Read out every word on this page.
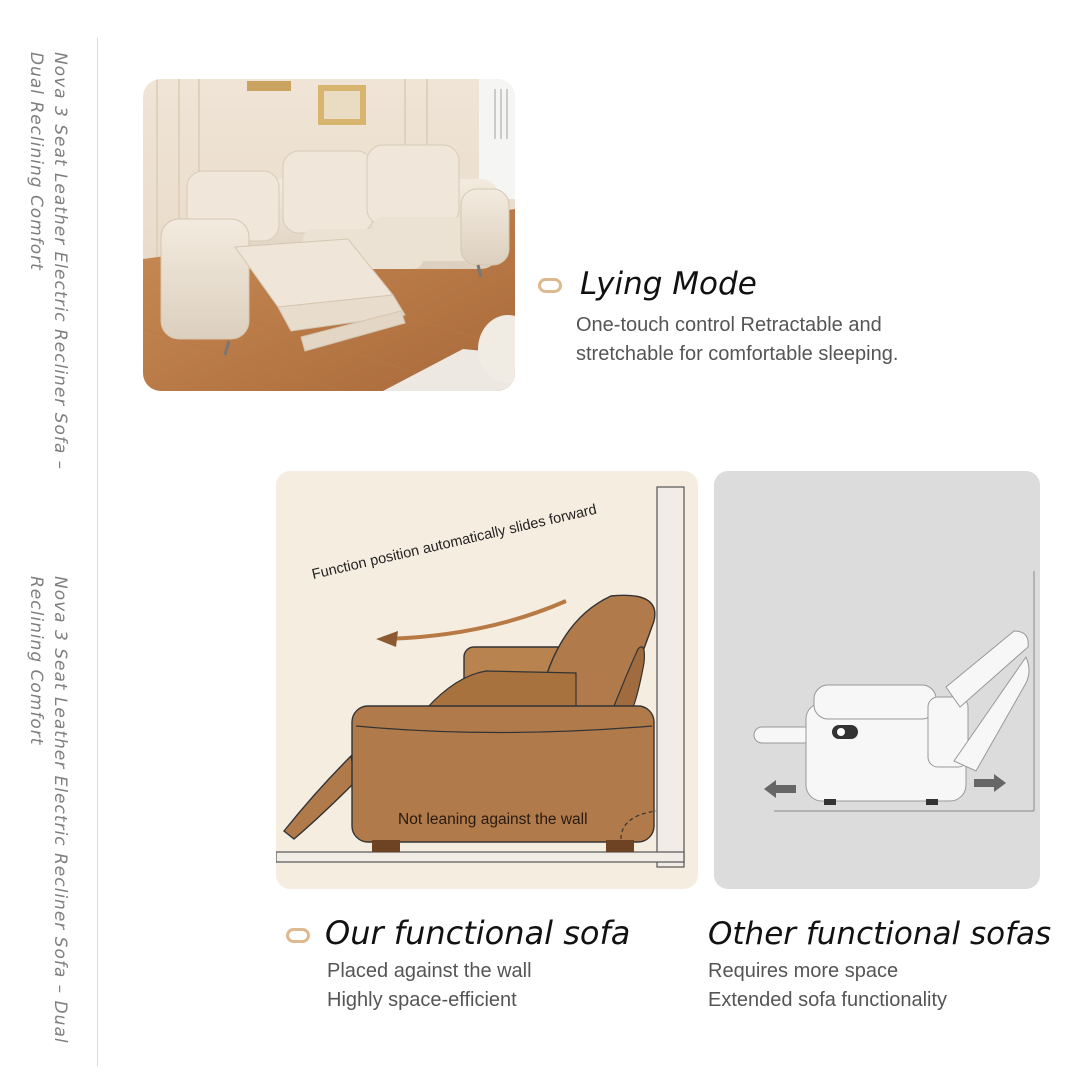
Nova 3 Seat Leather Electric Recliner Sofa – Dual Reclining Comfort
Nova 3 Seat Leather Electric Recliner Sofa – Dual Reclining Comfort
Lying Mode
One-touch control Retractable and
stretchable for comfortable sleeping.
Function position automatically slides forward
Not leaning against the wall
Our functional sofa
Placed against the wall
Highly space-efficient
Other functional sofas
Requires more space
Extended sofa functionality
